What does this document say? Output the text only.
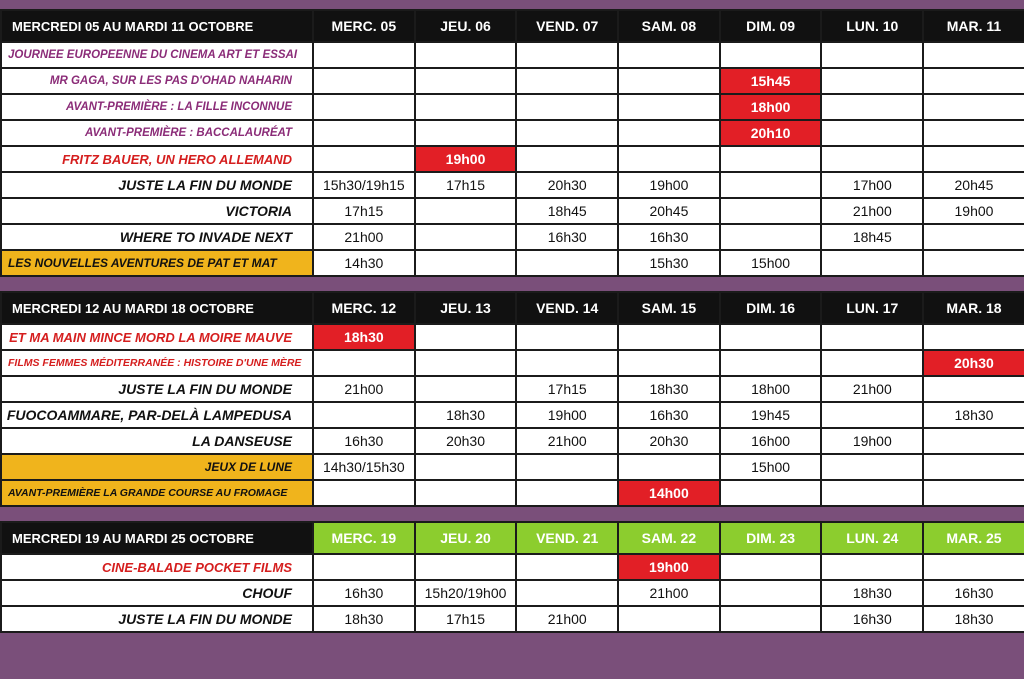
MERCREDI 05 AU MARDI 11 OCTOBRE	MERC. 05	JEU. 06	VEND. 07	SAM. 08	DIM. 09	LUN. 10	MAR. 11
JOURNEE EUROPEENNE DU CINEMA ART ET ESSAI							
MR GAGA, SUR LES PAS D'OHAD NAHARIN					15h45		
AVANT-PREMIÈRE : LA FILLE INCONNUE					18h00		
AVANT-PREMIÈRE : BACCALAURÉAT					20h10		
FRITZ BAUER, UN HERO ALLEMAND		19h00					
JUSTE LA FIN DU MONDE	15h30/19h15	17h15	20h30	19h00		17h00	20h45
VICTORIA	17h15		18h45	20h45		21h00	19h00
WHERE TO INVADE NEXT	21h00		16h30	16h30		18h45	
LES NOUVELLES AVENTURES DE PAT ET MAT	14h30			15h30	15h00		
MERCREDI 12 AU MARDI 18 OCTOBRE	MERC. 12	JEU. 13	VEND. 14	SAM. 15	DIM. 16	LUN. 17	MAR. 18
ET MA MAIN MINCE MORD LA MOIRE MAUVE	18h30						
FILMS FEMMES MÉDITERRANÉE : HISTOIRE D'UNE MÈRE							20h30
JUSTE LA FIN DU MONDE	21h00		17h15	18h30	18h00	21h00	
FUOCOAMMARE, PAR-DELÀ LAMPEDUSA		18h30	19h00	16h30	19h45		18h30
LA DANSEUSE	16h30	20h30	21h00	20h30	16h00	19h00	
JEUX DE LUNE	14h30/15h30				15h00		
AVANT-PREMIÈRE LA GRANDE COURSE AU FROMAGE				14h00			
MERCREDI 19 AU MARDI 25 OCTOBRE	MERC. 19	JEU. 20	VEND. 21	SAM. 22	DIM. 23	LUN. 24	MAR. 25
CINE-BALADE POCKET FILMS				19h00			
CHOUF	16h30	15h20/19h00		21h00		18h30	16h30
JUSTE LA FIN DU MONDE	18h30	17h15	21h00			16h30	18h30
